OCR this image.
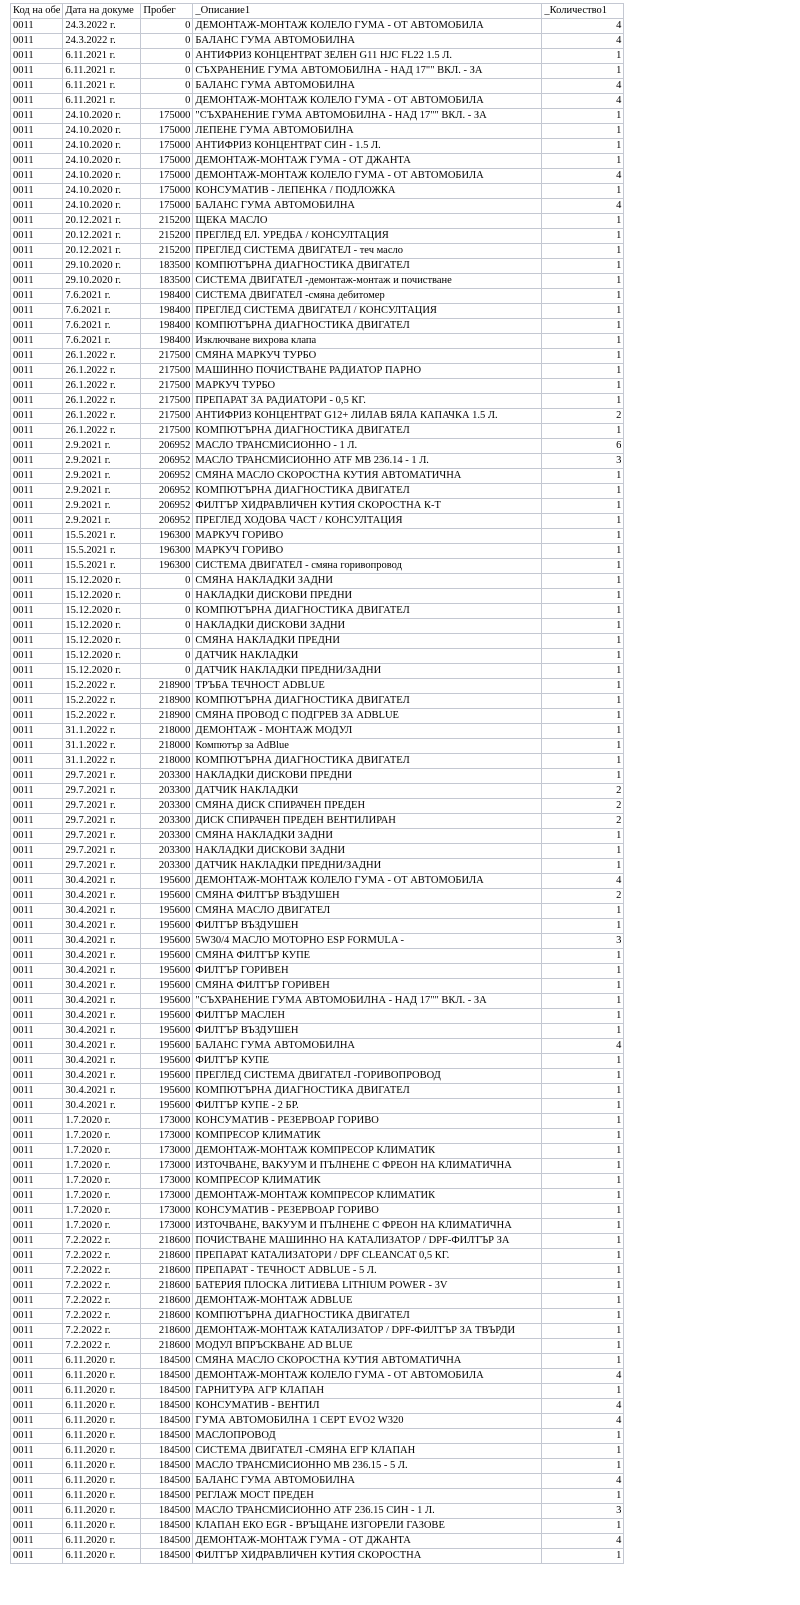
Код на обе	Дата на докуме	Пробег	_Описание1	_Количество1
0011	24.3.2022 г.	0	ДЕМОНТАЖ-МОНТАЖ КОЛЕЛО ГУМА - ОТ АВТОМОБИЛА	4
0011	24.3.2022 г.	0	БАЛАНС ГУМА АВТОМОБИЛНА	4
0011	6.11.2021 г.	0	АНТИФРИЗ КОНЦЕНТРАТ ЗЕЛЕН G11 НЈС FL22 1.5 Л.	1
0011	6.11.2021 г.	0	СЪХРАНЕНИЕ ГУМА АВТОМОБИЛНА - НАД 17"" ВКЛ. - ЗА	1
0011	6.11.2021 г.	0	БАЛАНС ГУМА АВТОМОБИЛНА	4
0011	6.11.2021 г.	0	ДЕМОНТАЖ-МОНТАЖ КОЛЕЛО ГУМА - ОТ АВТОМОБИЛА	4
0011	24.10.2020 г.	175000	"СЪХРАНЕНИЕ ГУМА АВТОМОБИЛНА - НАД 17"" ВКЛ. - ЗА	1
0011	24.10.2020 г.	175000	ЛЕПЕНЕ ГУМА АВТОМОБИЛНА	1
0011	24.10.2020 г.	175000	АНТИФРИЗ КОНЦЕНТРАТ СИН - 1.5 Л.	1
0011	24.10.2020 г.	175000	ДЕМОНТАЖ-МОНТАЖ ГУМА - ОТ ДЖАНТА	1
0011	24.10.2020 г.	175000	ДЕМОНТАЖ-МОНТАЖ КОЛЕЛО ГУМА - ОТ АВТОМОБИЛА	4
0011	24.10.2020 г.	175000	КОНСУМАТИВ - ЛЕПЕНКА / ПОДЛОЖКА	1
0011	24.10.2020 г.	175000	БАЛАНС ГУМА АВТОМОБИЛНА	4
0011	20.12.2021 г.	215200	ЩЕКА МАСЛО	1
0011	20.12.2021 г.	215200	ПРЕГЛЕД ЕЛ. УРЕДБА / КОНСУЛТАЦИЯ	1
0011	20.12.2021 г.	215200	ПРЕГЛЕД СИСТЕМА ДВИГАТЕЛ - теч масло	1
0011	29.10.2020 г.	183500	КОМПЮТЪРНА ДИАГНОСТИКА ДВИГАТЕЛ	1
0011	29.10.2020 г.	183500	СИСТЕМА ДВИГАТЕЛ -демонтаж-монтаж и почистване	1
0011	7.6.2021 г.	198400	СИСТЕМА ДВИГАТЕЛ -смяна дебитомер	1
0011	7.6.2021 г.	198400	ПРЕГЛЕД СИСТЕМА ДВИГАТЕЛ / КОНСУЛТАЦИЯ	1
0011	7.6.2021 г.	198400	КОМПЮТЪРНА ДИАГНОСТИКА ДВИГАТЕЛ	1
0011	7.6.2021 г.	198400	Изключване вихрова клапа	1
0011	26.1.2022 г.	217500	СМЯНА МАРКУЧ ТУРБО	1
0011	26.1.2022 г.	217500	МАШИННО ПОЧИСТВАНЕ РАДИАТОР ПАРНО	1
0011	26.1.2022 г.	217500	МАРКУЧ ТУРБО	1
0011	26.1.2022 г.	217500	ПРЕПАРАТ ЗА РАДИАТОРИ - 0,5 КГ.	1
0011	26.1.2022 г.	217500	АНТИФРИЗ КОНЦЕНТРАТ G12+ ЛИЛАВ БЯЛА КАПАЧКА 1.5 Л.	2
0011	26.1.2022 г.	217500	КОМПЮТЪРНА ДИАГНОСТИКА ДВИГАТЕЛ	1
0011	2.9.2021 г.	206952	МАСЛО ТРАНСМИСИОННО - 1 Л.	6
0011	2.9.2021 г.	206952	МАСЛО ТРАНСМИСИОННО ATF MB 236.14 - 1 Л.	3
0011	2.9.2021 г.	206952	СМЯНА МАСЛО СКОРОСТНА КУТИЯ АВТОМАТИЧНА	1
0011	2.9.2021 г.	206952	КОМПЮТЪРНА ДИАГНОСТИКА ДВИГАТЕЛ	1
0011	2.9.2021 г.	206952	ФИЛТЪР ХИДРАВЛИЧЕН КУТИЯ СКОРОСТНА К-Т	1
0011	2.9.2021 г.	206952	ПРЕГЛЕД ХОДОВА ЧАСТ / КОНСУЛТАЦИЯ	1
0011	15.5.2021 г.	196300	МАРКУЧ ГОРИВО	1
0011	15.5.2021 г.	196300	МАРКУЧ ГОРИВО	1
0011	15.5.2021 г.	196300	СИСТЕМА ДВИГАТЕЛ - смяна горивопровод	1
0011	15.12.2020 г.	0	СМЯНА НАКЛАДКИ ЗАДНИ	1
0011	15.12.2020 г.	0	НАКЛАДКИ ДИСКОВИ ПРЕДНИ	1
0011	15.12.2020 г.	0	КОМПЮТЪРНА ДИАГНОСТИКА ДВИГАТЕЛ	1
0011	15.12.2020 г.	0	НАКЛАДКИ ДИСКОВИ ЗАДНИ	1
0011	15.12.2020 г.	0	СМЯНА НАКЛАДКИ ПРЕДНИ	1
0011	15.12.2020 г.	0	ДАТЧИК НАКЛАДКИ	1
0011	15.12.2020 г.	0	ДАТЧИК НАКЛАДКИ ПРЕДНИ/ЗАДНИ	1
0011	15.2.2022 г.	218900	ТРЪБА ТЕЧНОСТ ADBLUE	1
0011	15.2.2022 г.	218900	КОМПЮТЪРНА ДИАГНОСТИКА ДВИГАТЕЛ	1
0011	15.2.2022 г.	218900	СМЯНА ПРОВОД С ПОДГРЕВ ЗА ADBLUE	1
0011	31.1.2022 г.	218000	ДЕМОНТАЖ - МОНТАЖ МОДУЛ	1
0011	31.1.2022 г.	218000	Компютър за AdBlue	1
0011	31.1.2022 г.	218000	КОМПЮТЪРНА ДИАГНОСТИКА ДВИГАТЕЛ	1
0011	29.7.2021 г.	203300	НАКЛАДКИ ДИСКОВИ ПРЕДНИ	1
0011	29.7.2021 г.	203300	ДАТЧИК НАКЛАДКИ	2
0011	29.7.2021 г.	203300	СМЯНА ДИСК СПИРАЧЕН ПРЕДЕН	2
0011	29.7.2021 г.	203300	ДИСК СПИРАЧЕН ПРЕДЕН ВЕНТИЛИРАН	2
0011	29.7.2021 г.	203300	СМЯНА НАКЛАДКИ ЗАДНИ	1
0011	29.7.2021 г.	203300	НАКЛАДКИ ДИСКОВИ ЗАДНИ	1
0011	29.7.2021 г.	203300	ДАТЧИК НАКЛАДКИ ПРЕДНИ/ЗАДНИ	1
0011	30.4.2021 г.	195600	ДЕМОНТАЖ-МОНТАЖ КОЛЕЛО ГУМА - ОТ АВТОМОБИЛА	4
0011	30.4.2021 г.	195600	СМЯНА ФИЛТЪР ВЪЗДУШЕН	2
0011	30.4.2021 г.	195600	СМЯНА МАСЛО ДВИГАТЕЛ	1
0011	30.4.2021 г.	195600	ФИЛТЪР ВЪЗДУШЕН	1
0011	30.4.2021 г.	195600	5W30/4 МАСЛО МОТОРНО ESP FORMULA -	3
0011	30.4.2021 г.	195600	СМЯНА ФИЛТЪР КУПЕ	1
0011	30.4.2021 г.	195600	ФИЛТЪР ГОРИВЕН	1
0011	30.4.2021 г.	195600	СМЯНА ФИЛТЪР ГОРИВЕН	1
0011	30.4.2021 г.	195600	"СЪХРАНЕНИЕ ГУМА АВТОМОБИЛНА - НАД 17"" ВКЛ. - ЗА	1
0011	30.4.2021 г.	195600	ФИЛТЪР МАСЛЕН	1
0011	30.4.2021 г.	195600	ФИЛТЪР ВЪЗДУШЕН	1
0011	30.4.2021 г.	195600	БАЛАНС ГУМА АВТОМОБИЛНА	4
0011	30.4.2021 г.	195600	ФИЛТЪР КУПЕ	1
0011	30.4.2021 г.	195600	ПРЕГЛЕД СИСТЕМА ДВИГАТЕЛ -ГОРИВОПРОВОД	1
0011	30.4.2021 г.	195600	КОМПЮТЪРНА ДИАГНОСТИКА ДВИГАТЕЛ	1
0011	30.4.2021 г.	195600	ФИЛТЪР КУПЕ - 2 БР.	1
0011	1.7.2020 г.	173000	КОНСУМАТИВ - РЕЗЕРВОАР ГОРИВО	1
0011	1.7.2020 г.	173000	КОМПРЕСОР КЛИМАТИК	1
0011	1.7.2020 г.	173000	ДЕМОНТАЖ-МОНТАЖ КОМПРЕСОР КЛИМАТИК	1
0011	1.7.2020 г.	173000	ИЗТОЧВАНЕ, ВАКУУМ И ПЪЛНЕНЕ С ФРЕОН НА КЛИМАТИЧНА	1
0011	1.7.2020 г.	173000	КОМПРЕСОР КЛИМАТИК	1
0011	1.7.2020 г.	173000	ДЕМОНТАЖ-МОНТАЖ КОМПРЕСОР КЛИМАТИК	1
0011	1.7.2020 г.	173000	КОНСУМАТИВ - РЕЗЕРВОАР ГОРИВО	1
0011	1.7.2020 г.	173000	ИЗТОЧВАНЕ, ВАКУУМ И ПЪЛНЕНЕ С ФРЕОН НА КЛИМАТИЧНА	1
0011	7.2.2022 г.	218600	ПОЧИСТВАНЕ МАШИННО НА КАТАЛИЗАТОР / DPF-ФИЛТЪР ЗА	1
0011	7.2.2022 г.	218600	ПРЕПАРАТ КАТАЛИЗАТОРИ / DPF CLEANCAT 0,5 КГ.	1
0011	7.2.2022 г.	218600	ПРЕПАРАТ - ТЕЧНОСТ ADBLUE - 5 Л.	1
0011	7.2.2022 г.	218600	БАТЕРИЯ ПЛОСКА ЛИТИЕВА LITHIUM POWER - 3V	1
0011	7.2.2022 г.	218600	ДЕМОНТАЖ-МОНТАЖ ADBLUE	1
0011	7.2.2022 г.	218600	КОМПЮТЪРНА ДИАГНОСТИКА ДВИГАТЕЛ	1
0011	7.2.2022 г.	218600	ДЕМОНТАЖ-МОНТАЖ КАТАЛИЗАТОР / DPF-ФИЛТЪР ЗА ТВЪРДИ	1
0011	7.2.2022 г.	218600	МОДУЛ ВПРЪСКВАНЕ AD BLUE	1
0011	6.11.2020 г.	184500	СМЯНА МАСЛО СКОРОСТНА КУТИЯ АВТОМАТИЧНА	1
0011	6.11.2020 г.	184500	ДЕМОНТАЖ-МОНТАЖ КОЛЕЛО ГУМА - ОТ АВТОМОБИЛА	4
0011	6.11.2020 г.	184500	ГАРНИТУРА АГР КЛАПАН	1
0011	6.11.2020 г.	184500	КОНСУМАТИВ - ВЕНТИЛ	4
0011	6.11.2020 г.	184500	ГУМА АВТОМОБИЛНА 1 СЕРТ EVO2 W320	4
0011	6.11.2020 г.	184500	МАСЛОПРОВОД	1
0011	6.11.2020 г.	184500	СИСТЕМА ДВИГАТЕЛ -СМЯНА ЕГР КЛАПАН	1
0011	6.11.2020 г.	184500	МАСЛО ТРАНСМИСИОННО MB 236.15 - 5 Л.	1
0011	6.11.2020 г.	184500	БАЛАНС ГУМА АВТОМОБИЛНА	4
0011	6.11.2020 г.	184500	РЕГЛАЖ МОСТ ПРЕДЕН	1
0011	6.11.2020 г.	184500	МАСЛО ТРАНСМИСИОННО ATF 236.15 СИН - 1 Л.	3
0011	6.11.2020 г.	184500	КЛАПАН ЕКО EGR - ВРЪЩАНЕ ИЗГОРЕЛИ ГАЗОВЕ	1
0011	6.11.2020 г.	184500	ДЕМОНТАЖ-МОНТАЖ ГУМА - ОТ ДЖАНТА	4
0011	6.11.2020 г.	184500	ФИЛТЪР ХИДРАВЛИЧЕН КУТИЯ СКОРОСТНА	1
